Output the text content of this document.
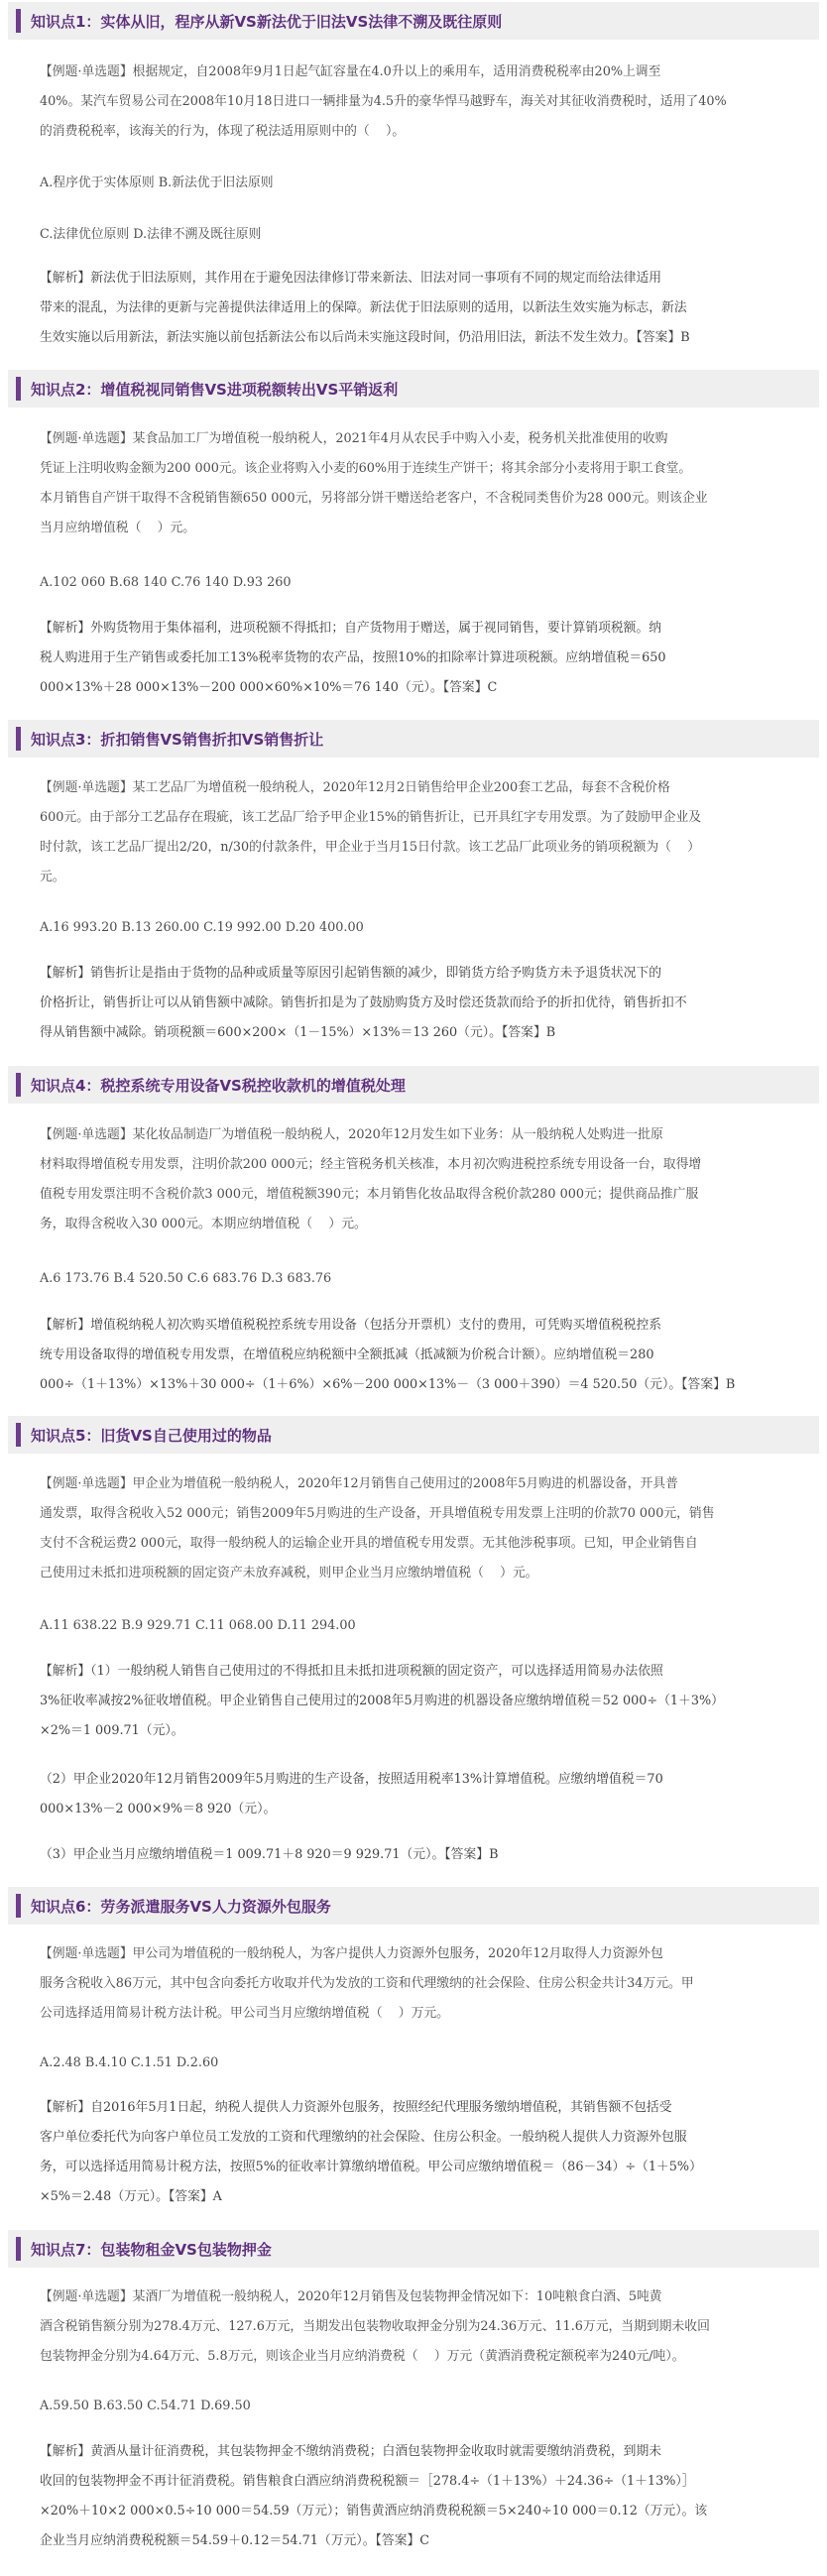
知识点1：实体从旧，程序从新VS新法优于旧法VS法律不溯及既往原则
【例题·单选题】根据规定，自2008年9月1日起气缸容量在4.0升以上的乘用车，适用消费税税率由20%上调至
40%。某汽车贸易公司在2008年10月18日进口一辆排量为4.5升的豪华悍马越野车，海关对其征收消费税时，适用了40%
的消费税税率，该海关的行为，体现了税法适用原则中的（    ）。
A.程序优于实体原则 B.新法优于旧法原则
C.法律优位原则 D.法律不溯及既往原则
【解析】新法优于旧法原则，其作用在于避免因法律修订带来新法、旧法对同一事项有不同的规定而给法律适用
带来的混乱，为法律的更新与完善提供法律适用上的保障。新法优于旧法原则的适用，以新法生效实施为标志，新法
生效实施以后用新法，新法实施以前包括新法公布以后尚未实施这段时间，仍沿用旧法，新法不发生效力。【答案】B
知识点2：增值税视同销售VS进项税额转出VS平销返利
【例题·单选题】某食品加工厂为增值税一般纳税人，2021年4月从农民手中购入小麦，税务机关批准使用的收购
凭证上注明收购金额为200 000元。该企业将购入小麦的60%用于连续生产饼干；将其余部分小麦将用于职工食堂。
本月销售自产饼干取得不含税销售额650 000元，另将部分饼干赠送给老客户，不含税同类售价为28 000元。则该企业
当月应纳增值税（    ）元。
A.102 060 B.68 140 C.76 140 D.93 260
【解析】外购货物用于集体福利，进项税额不得抵扣；自产货物用于赠送，属于视同销售，要计算销项税额。纳
税人购进用于生产销售或委托加工13%税率货物的农产品，按照10%的扣除率计算进项税额。应纳增值税＝650
000×13%＋28 000×13%－200 000×60%×10%＝76 140（元）。【答案】C
知识点3：折扣销售VS销售折扣VS销售折让
【例题·单选题】某工艺品厂为增值税一般纳税人，2020年12月2日销售给甲企业200套工艺品，每套不含税价格
600元。由于部分工艺品存在瑕疵，该工艺品厂给予甲企业15%的销售折让，已开具红字专用发票。为了鼓励甲企业及
时付款，该工艺品厂提出2/20，n/30的付款条件，甲企业于当月15日付款。该工艺品厂此项业务的销项税额为（    ）
元。
A.16 993.20 B.13 260.00 C.19 992.00 D.20 400.00
【解析】销售折让是指由于货物的品种或质量等原因引起销售额的减少，即销货方给予购货方未予退货状况下的
价格折让，销售折让可以从销售额中减除。销售折扣是为了鼓励购货方及时偿还货款而给予的折扣优待，销售折扣不
得从销售额中减除。销项税额＝600×200×（1－15%）×13%＝13 260（元）。【答案】B
知识点4：税控系统专用设备VS税控收款机的增值税处理
【例题·单选题】某化妆品制造厂为增值税一般纳税人，2020年12月发生如下业务：从一般纳税人处购进一批原
材料取得增值税专用发票，注明价款200 000元；经主管税务机关核准，本月初次购进税控系统专用设备一台，取得增
值税专用发票注明不含税价款3 000元，增值税额390元；本月销售化妆品取得含税价款280 000元；提供商品推广服
务，取得含税收入30 000元。本期应纳增值税（    ）元。
A.6 173.76 B.4 520.50 C.6 683.76 D.3 683.76
【解析】增值税纳税人初次购买增值税税控系统专用设备（包括分开票机）支付的费用，可凭购买增值税税控系
统专用设备取得的增值税专用发票，在增值税应纳税额中全额抵减（抵减额为价税合计额）。应纳增值税＝280
000÷（1＋13%）×13%＋30 000÷（1＋6%）×6%－200 000×13%－（3 000＋390）＝4 520.50（元）。【答案】B
知识点5：旧货VS自己使用过的物品
【例题·单选题】甲企业为增值税一般纳税人，2020年12月销售自己使用过的2008年5月购进的机器设备，开具普
通发票，取得含税收入52 000元；销售2009年5月购进的生产设备，开具增值税专用发票上注明的价款70 000元，销售
支付不含税运费2 000元，取得一般纳税人的运输企业开具的增值税专用发票。无其他涉税事项。已知，甲企业销售自
己使用过未抵扣进项税额的固定资产未放弃减税，则甲企业当月应缴纳增值税（    ）元。
A.11 638.22 B.9 929.71 C.11 068.00 D.11 294.00
【解析】（1）一般纳税人销售自己使用过的不得抵扣且未抵扣进项税额的固定资产，可以选择适用简易办法依照
3%征收率减按2%征收增值税。甲企业销售自己使用过的2008年5月购进的机器设备应缴纳增值税＝52 000÷（1＋3%）
×2%＝1 009.71（元）。
（2）甲企业2020年12月销售2009年5月购进的生产设备，按照适用税率13%计算增值税。应缴纳增值税＝70
000×13%－2 000×9%＝8 920（元）。
（3）甲企业当月应缴纳增值税＝1 009.71＋8 920＝9 929.71（元）。【答案】B
知识点6：劳务派遣服务VS人力资源外包服务
【例题·单选题】甲公司为增值税的一般纳税人，为客户提供人力资源外包服务，2020年12月取得人力资源外包
服务含税收入86万元，其中包含向委托方收取并代为发放的工资和代理缴纳的社会保险、住房公积金共计34万元。甲
公司选择适用简易计税方法计税。甲公司当月应缴纳增值税（    ）万元。
A.2.48 B.4.10 C.1.51 D.2.60
【解析】自2016年5月1日起，纳税人提供人力资源外包服务，按照经纪代理服务缴纳增值税，其销售额不包括受
客户单位委托代为向客户单位员工发放的工资和代理缴纳的社会保险、住房公积金。一般纳税人提供人力资源外包服
务，可以选择适用简易计税方法，按照5%的征收率计算缴纳增值税。甲公司应缴纳增值税＝（86－34）÷（1＋5%）
×5%＝2.48（万元）。【答案】A
知识点7：包装物租金VS包装物押金
【例题·单选题】某酒厂为增值税一般纳税人，2020年12月销售及包装物押金情况如下：10吨粮食白酒、5吨黄
酒含税销售额分别为278.4万元、127.6万元，当期发出包装物收取押金分别为24.36万元、11.6万元，当期到期未收回
包装物押金分别为4.64万元、5.8万元，则该企业当月应纳消费税（    ）万元（黄酒消费税定额税率为240元/吨）。
A.59.50 B.63.50 C.54.71 D.69.50
【解析】黄酒从量计征消费税，其包装物押金不缴纳消费税；白酒包装物押金收取时就需要缴纳消费税，到期未
收回的包装物押金不再计征消费税。销售粮食白酒应纳消费税税额＝［278.4÷（1＋13%）＋24.36÷（1＋13%）］
×20%＋10×2 000×0.5÷10 000＝54.59（万元）；销售黄酒应纳消费税税额＝5×240÷10 000＝0.12（万元）。该
企业当月应纳消费税税额＝54.59＋0.12＝54.71（万元）。【答案】C
